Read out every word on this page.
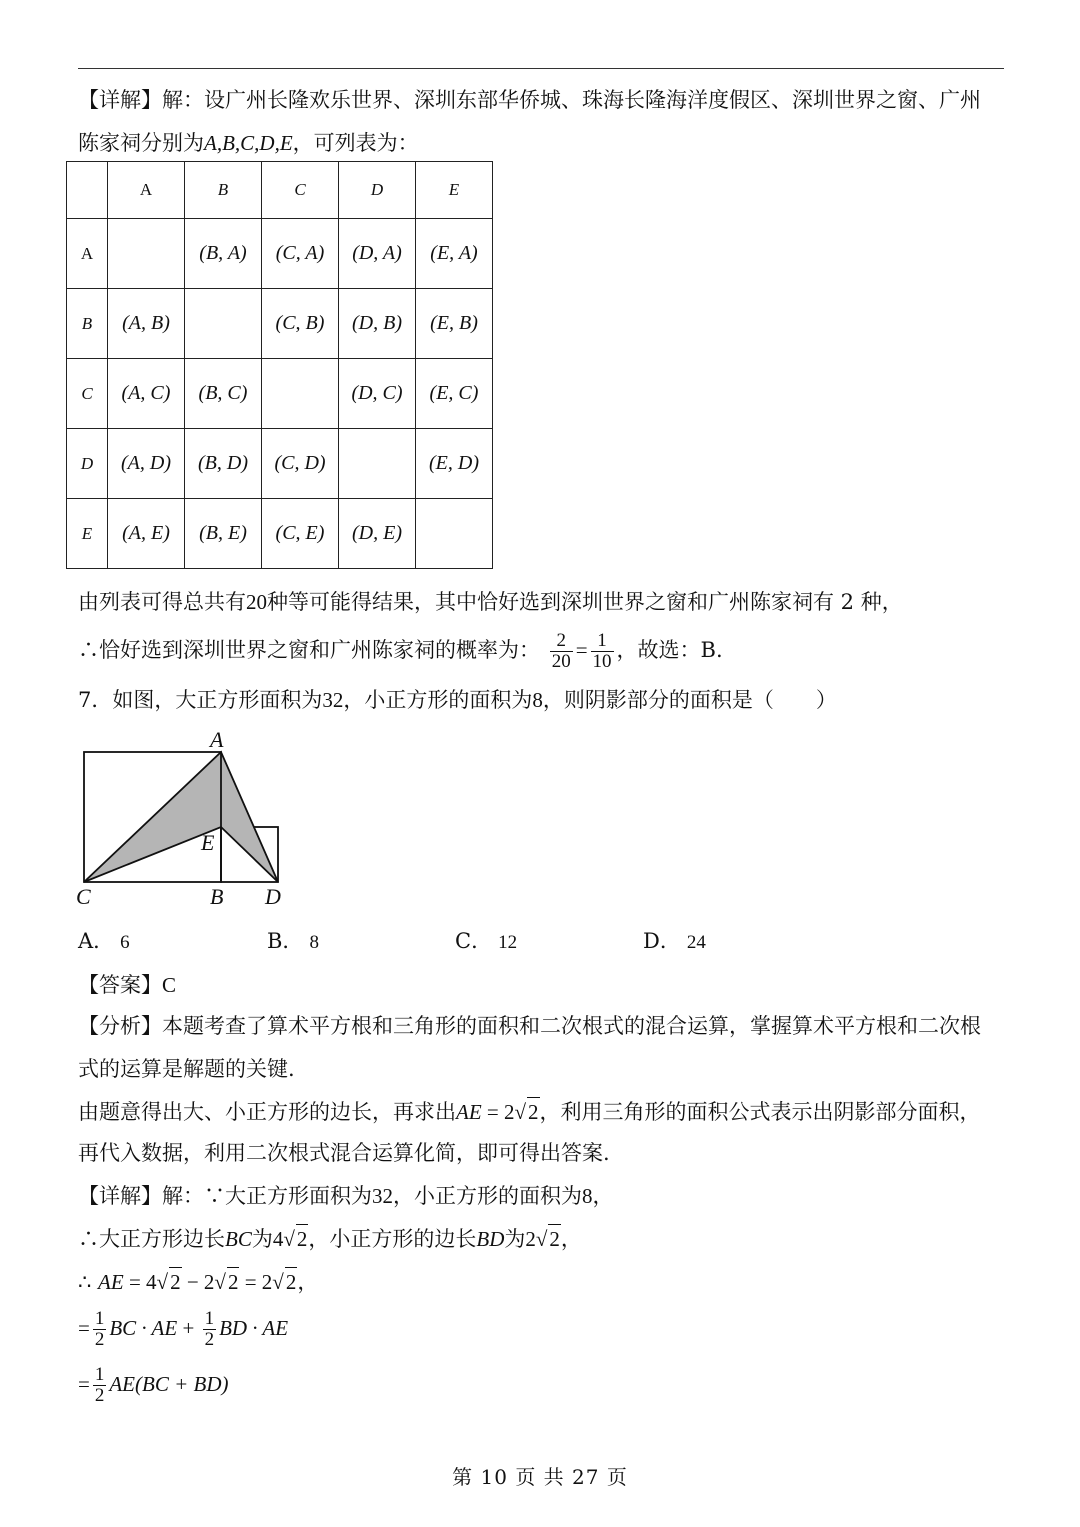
【详解】解：设广州长隆欢乐世界、深圳东部华侨城、珠海长隆海洋度假区、深圳世界之窗、广州
陈家祠分别为A,B,C,D,E，可列表为：
	A	B	C	D	E
A		(B, A)	(C, A)	(D, A)	(E, A)
B	(A, B)		(C, B)	(D, B)	(E, B)
C	(A, C)	(B, C)		(D, C)	(E, C)
D	(A, D)	(B, D)	(C, D)		(E, D)
E	(A, E)	(B, E)	(C, E)	(D, E)	
由列表可得总共有20种等可能得结果，其中恰好选到深圳世界之窗和广州陈家祠有 2 种，
∴恰好选到深圳世界之窗和广州陈家祠的概率为： $\frac{2}{20} = \frac{1}{10}$ ，故选：B.
7．如图，大正方形面积为32，小正方形的面积为8，则阴影部分的面积是（　　）
A
E
C	B D
A． 6	B． 8	C． 12	D． 24
【答案】C
【分析】本题考查了算术平方根和三角形的面积和二次根式的混合运算，掌握算术平方根和二次根
式的运算是解题的关键.
由题意得出大、小正方形的边长，再求出AE = 2√2，利用三角形的面积公式表示出阴影部分面积，
再代入数据，利用二次根式混合运算化简，即可得出答案.
【详解】解：∵大正方形面积为32，小正方形的面积为8，
∴大正方形边长BC为4√2，小正方形的边长BD为2√2，
∴ AE = 4√2 − 2√2 = 2√2，
= $\frac{1}{2}$ BC · AE + $\frac{1}{2}$ BD · AE
= $\frac{1}{2} AE(BC + BD)$
第 10 页 共 27 页
